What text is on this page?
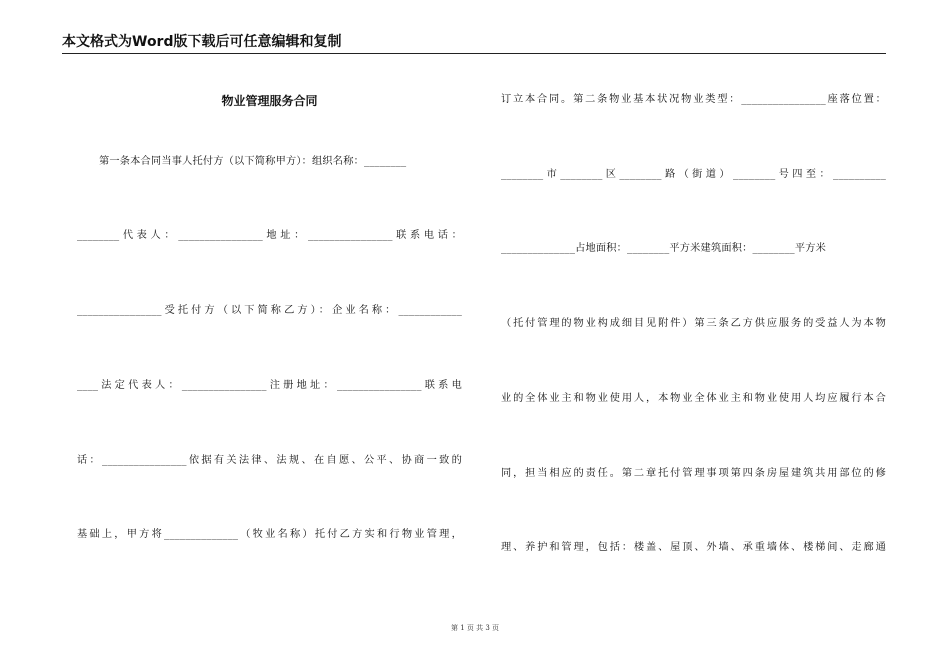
本文格式为Word版下载后可任意编辑和复制
物业管理服务合同
第一条本合同当事人托付方（以下简称甲方）：组织名称：________
________代表人：________________地址：________________联系电话：
________________受托付方（以下简称乙方）：企业名称：____________
____法定代表人：________________注册地址：________________联系电
话：________________依据有关法律、法规、在自愿、公平、协商一致的
基础上，甲方将______________（牧业名称）托付乙方实和行物业管理，
订立本合同。第二条物业基本状况物业类型：________________座落位置：
________市________区________路（街道）________号四至：__________
______________占地面积：________平方米建筑面积：________平方米
（托付管理的物业构成细目见附件）第三条乙方供应服务的受益人为本物
业的全体业主和物业使用人，本物业全体业主和物业使用人均应履行本合
同，担当相应的责任。第二章托付管理事项第四条房屋建筑共用部位的修
理、养护和管理，包括：楼盖、屋顶、外墙、承重墙体、楼梯间、走廊通
第 1 页 共 3 页
